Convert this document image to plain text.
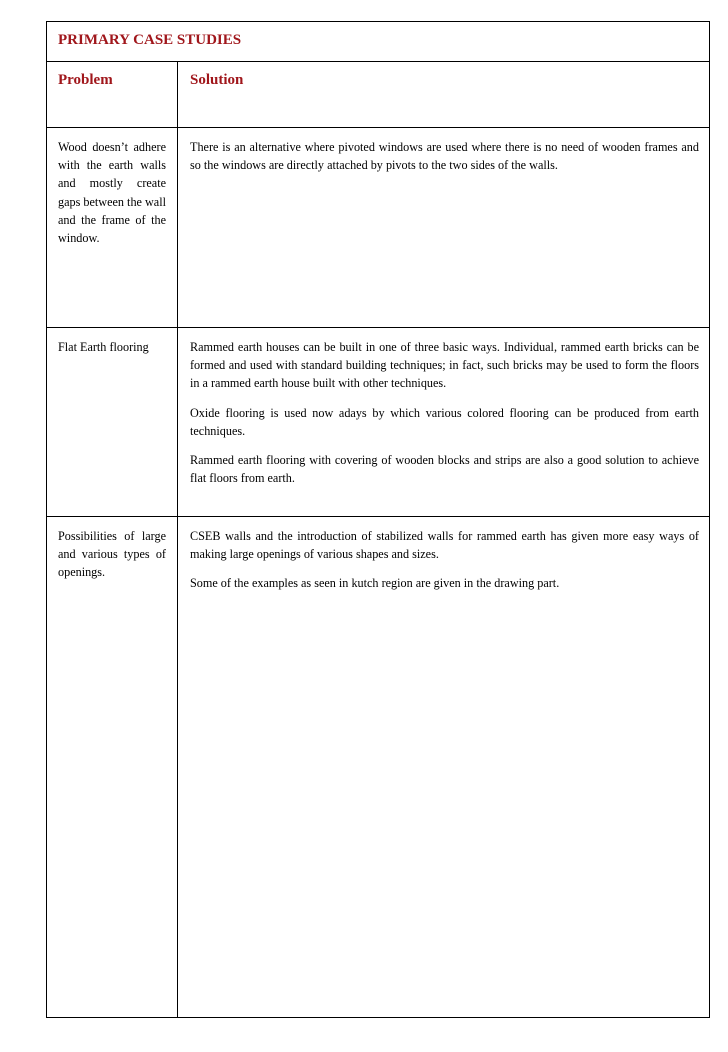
PRIMARY CASE STUDIES
Problem	Solution

Wood doesn’t adhere with the earth walls and mostly create gaps between the wall and the frame of the window.

There is an alternative where pivoted windows are used where there is no need of wooden frames and so the windows are directly attached by pivots to the two sides of the walls.

Flat Earth flooring	Rammed earth houses can be built in one of three basic ways. Individual, rammed earth bricks can be formed and used with standard building techniques; in fact, such bricks may be used to form the floors in a rammed earth house built with other techniques.

Oxide flooring is used now adays by which various colored flooring can be produced from earth techniques.

Rammed earth flooring with covering of wooden blocks and strips are also a good solution to achieve flat floors from earth.

Possibilities of large and various types of openings.

CSEB walls and the introduction of stabilized walls for rammed earth has given more easy ways of making large openings of various shapes and sizes.

Some of the examples as seen in kutch region are given in the drawing part.
